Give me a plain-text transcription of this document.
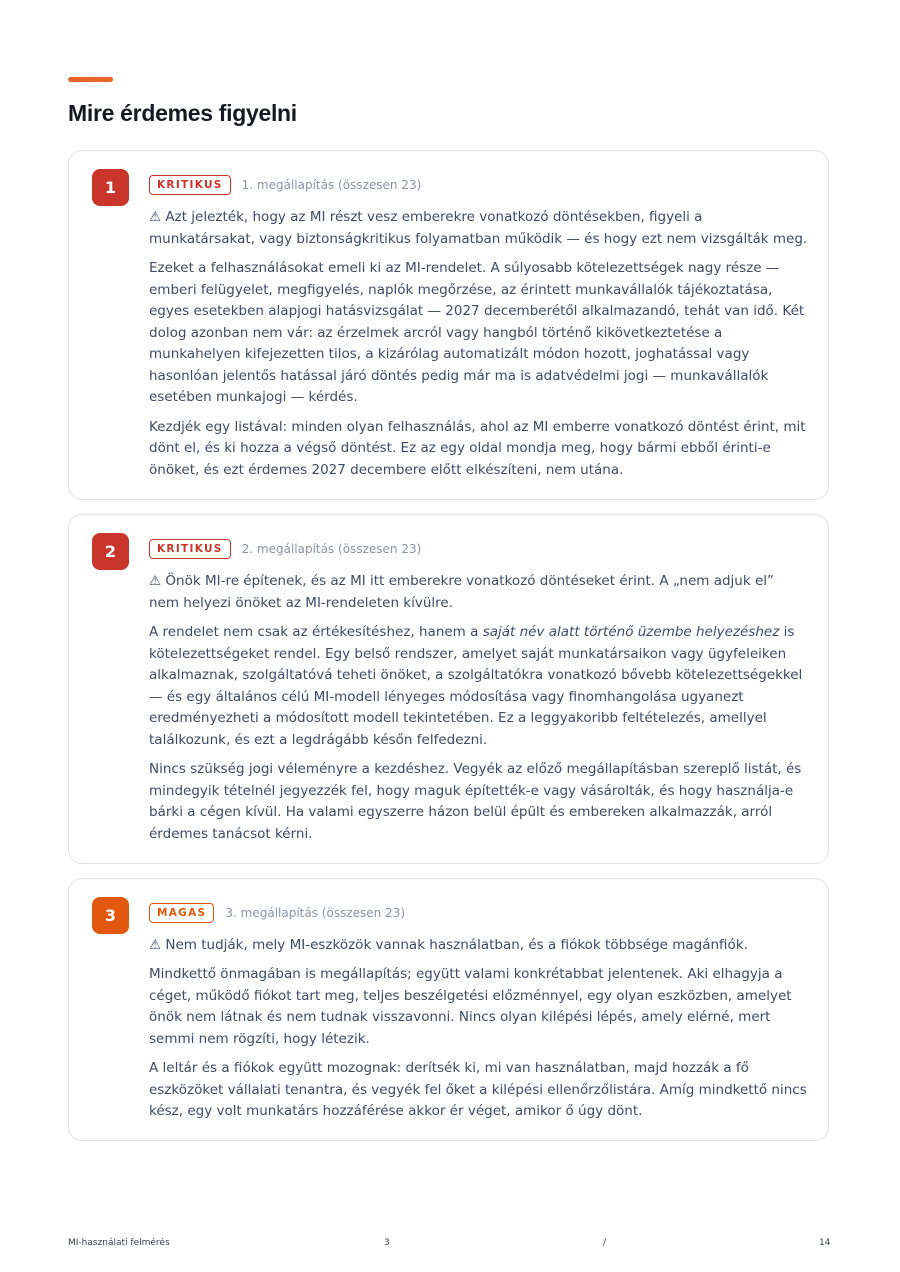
Mire érdemes figyelni
1	KRITIKUS	1. megállapítás (összesen 23)

⚠ Azt jelezték, hogy az MI részt vesz emberekre vonatkozó döntésekben, figyeli a munkatársakat, vagy biztonságkritikus folyamatban működik — és hogy ezt nem vizsgálták meg.

Ezeket a felhasználásokat emeli ki az MI-rendelet. A súlyosabb kötelezettségek nagy része — emberi felügyelet, megfigyelés, naplók megőrzése, az érintett munkavállalók tájékoztatása, egyes esetekben alapjogi hatásvizsgálat — 2027 decemberétől alkalmazandó, tehát van idő. Két dolog azonban nem vár: az érzelmek arcról vagy hangból történő kikövetkeztetése a munkahelyen kifejezetten tilos, a kizárólag automatizált módon hozott, joghatással vagy hasonlóan jelentős hatással járó döntés pedig már ma is adatvédelmi jogi — munkavállalók esetében munkajogi — kérdés.

Kezdjék egy listával: minden olyan felhasználás, ahol az MI emberre vonatkozó döntést érint, mit dönt el, és ki hozza a végső döntést. Ez az egy oldal mondja meg, hogy bármi ebből érinti-e önöket, és ezt érdemes 2027 decembere előtt elkészíteni, nem utána.

2	KRITIKUS	2. megállapítás (összesen 23)

⚠ Önök MI-re építenek, és az MI itt emberekre vonatkozó döntéseket érint. A „nem adjuk el” nem helyezi önöket az MI-rendeleten kívülre.

A rendelet nem csak az értékesítéshez, hanem a saját név alatt történő üzembe helyezéshez is kötelezettségeket rendel. Egy belső rendszer, amelyet saját munkatársaikon vagy ügyfeleiken alkalmaznak, szolgáltatóvá teheti önöket, a szolgáltatókra vonatkozó bővebb kötelezettségekkel — és egy általános célú MI-modell lényeges módosítása vagy finomhangolása ugyanezt eredményezheti a módosított modell tekintetében. Ez a leggyakoribb feltételezés, amellyel találkozunk, és ezt a legdrágább későn felfedezni.

Nincs szükség jogi véleményre a kezdéshez. Vegyék az előző megállapításban szereplő listát, és mindegyik tételnél jegyezzék fel, hogy maguk építették-e vagy vásárolták, és hogy használja-e bárki a cégen kívül. Ha valami egyszerre házon belül épült és embereken alkalmazzák, arról érdemes tanácsot kérni.

3	MAGAS	3. megállapítás (összesen 23)

⚠ Nem tudják, mely MI-eszközök vannak használatban, és a fiókok többsége magánfiók.

Mindkettő önmagában is megállapítás; együtt valami konkrétabbat jelentenek. Aki elhagyja a céget, működő fiókot tart meg, teljes beszélgetési előzménnyel, egy olyan eszközben, amelyet önök nem látnak és nem tudnak visszavonni. Nincs olyan kilépési lépés, amely elérné, mert semmi nem rögzíti, hogy létezik.

A leltár és a fiókok együtt mozognak: derítsék ki, mi van használatban, majd hozzák a fő eszközöket vállalati tenantra, és vegyék fel őket a kilépési ellenőrzőlistára. Amíg mindkettő nincs kész, egy volt munkatárs hozzáférése akkor ér véget, amikor ő úgy dönt.

MI-használati felmérés	3	/	14
